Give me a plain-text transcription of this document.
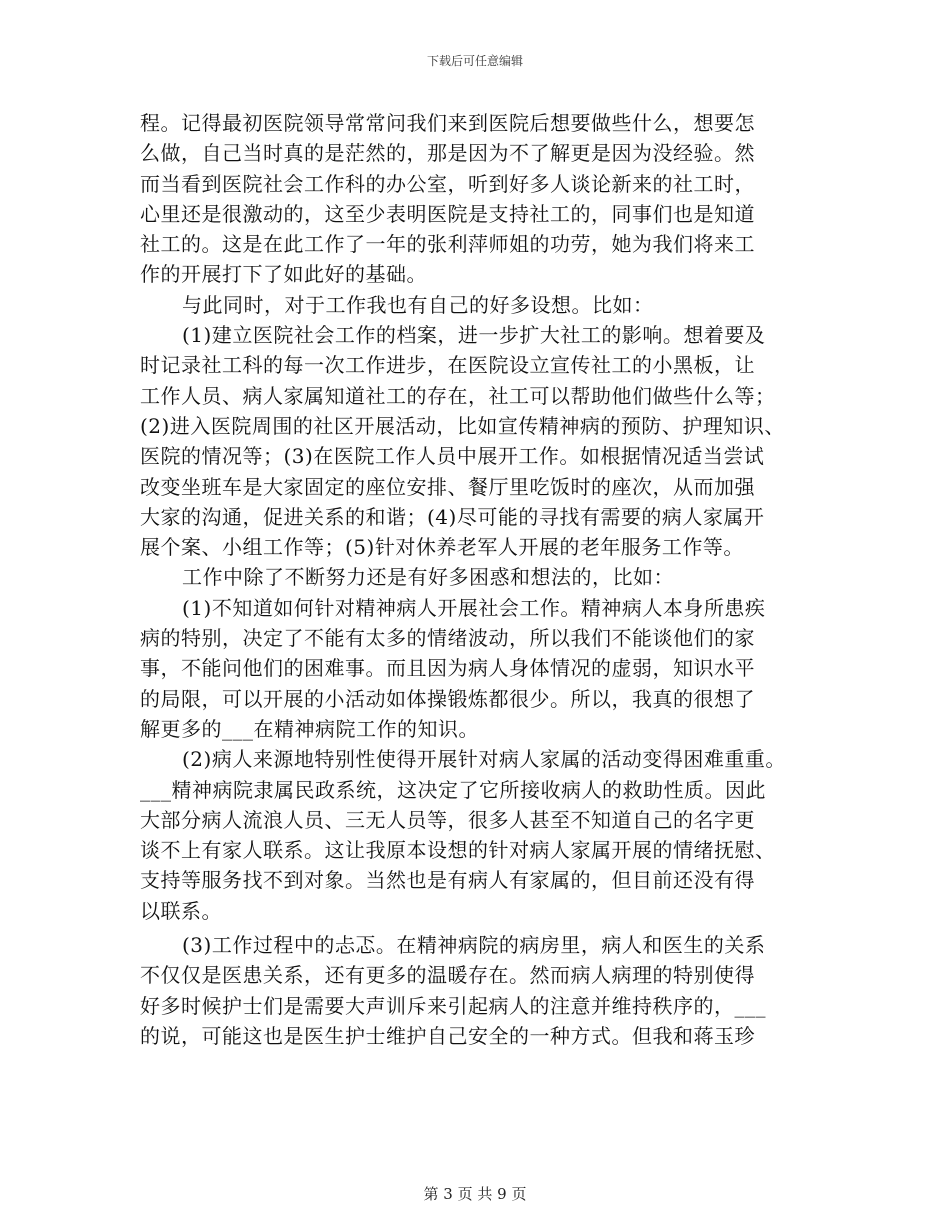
下载后可任意编辑
程。记得最初医院领导常常问我们来到医院后想要做些什么，想要怎
么做，自己当时真的是茫然的，那是因为不了解更是因为没经验。然
而当看到医院社会工作科的办公室，听到好多人谈论新来的社工时，
心里还是很激动的，这至少表明医院是支持社工的，同事们也是知道
社工的。这是在此工作了一年的张利萍师姐的功劳，她为我们将来工
作的开展打下了如此好的基础。
与此同时，对于工作我也有自己的好多设想。比如：
(1)建立医院社会工作的档案，进一步扩大社工的影响。想着要及
时记录社工科的每一次工作进步，在医院设立宣传社工的小黑板，让
工作人员、病人家属知道社工的存在，社工可以帮助他们做些什么等；
(2)进入医院周围的社区开展活动，比如宣传精神病的预防、护理知识、
医院的情况等；(3)在医院工作人员中展开工作。如根据情况适当尝试
改变坐班车是大家固定的座位安排、餐厅里吃饭时的座次，从而加强
大家的沟通，促进关系的和谐；(4)尽可能的寻找有需要的病人家属开
展个案、小组工作等；(5)针对休养老军人开展的老年服务工作等。
工作中除了不断努力还是有好多困惑和想法的，比如：
(1)不知道如何针对精神病人开展社会工作。精神病人本身所患疾
病的特别，决定了不能有太多的情绪波动，所以我们不能谈他们的家
事，不能问他们的困难事。而且因为病人身体情况的虚弱，知识水平
的局限，可以开展的小活动如体操锻炼都很少。所以，我真的很想了
解更多的___在精神病院工作的知识。
(2)病人来源地特别性使得开展针对病人家属的活动变得困难重重。
___精神病院隶属民政系统，这决定了它所接收病人的救助性质。因此
大部分病人流浪人员、三无人员等，很多人甚至不知道自己的名字更
谈不上有家人联系。这让我原本设想的针对病人家属开展的情绪抚慰、
支持等服务找不到对象。当然也是有病人有家属的，但目前还没有得
以联系。
(3)工作过程中的忐忑。在精神病院的病房里，病人和医生的关系
不仅仅是医患关系，还有更多的温暖存在。然而病人病理的特别使得
好多时候护士们是需要大声训斥来引起病人的注意并维持秩序的，___
的说，可能这也是医生护士维护自己安全的一种方式。但我和蒋玉珍
第 3 页 共 9 页
